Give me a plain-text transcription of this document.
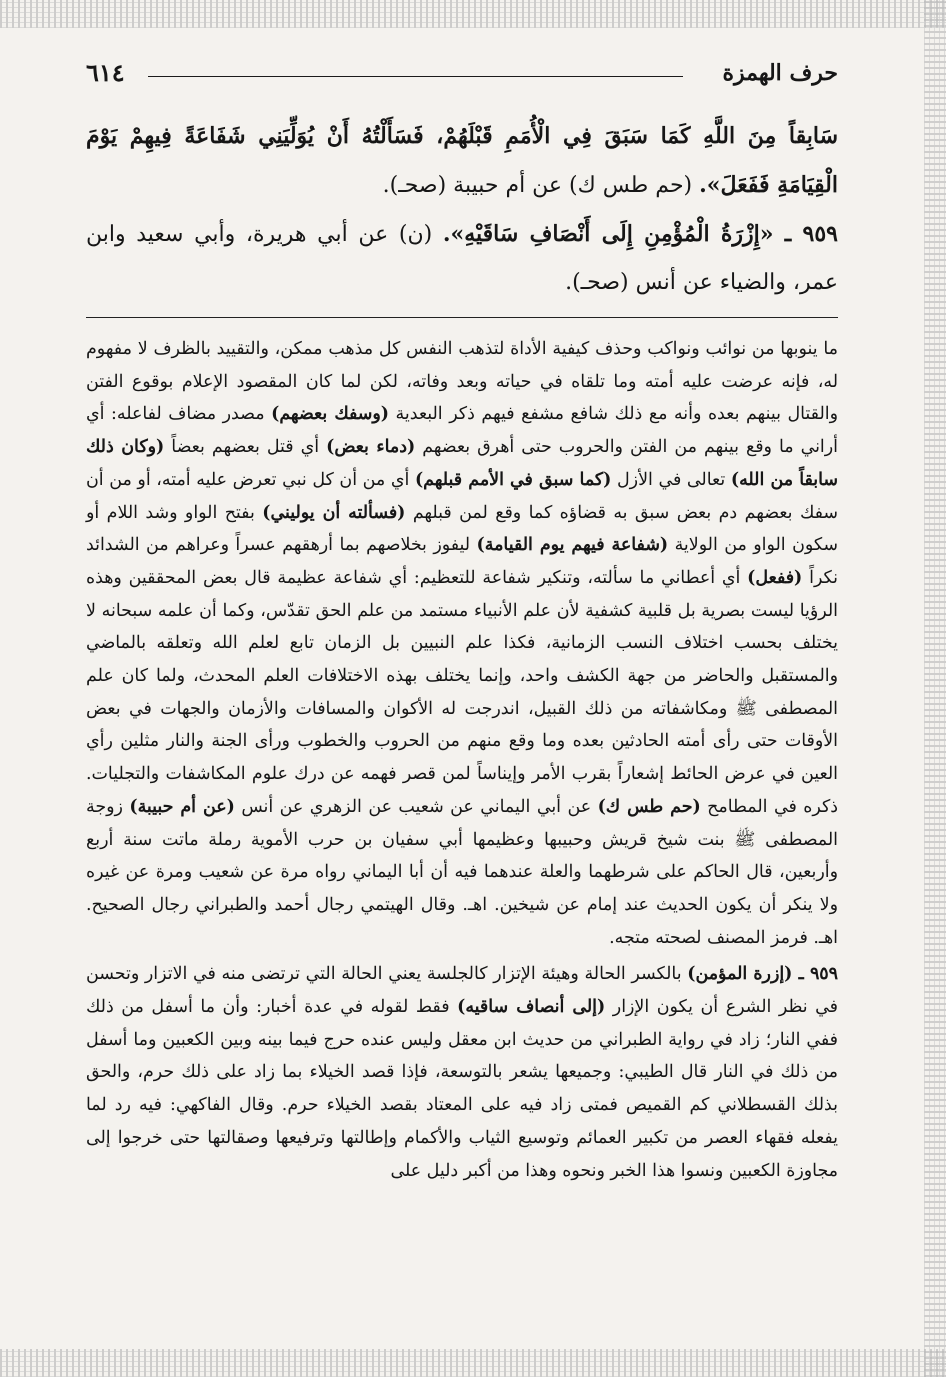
حرف الهمزة
٦١٤

سَابِقاً مِنَ اللَّهِ كَمَا سَبَقَ فِي الْأُمَمِ قَبْلَهُمْ، فَسَأَلْتُهُ أَنْ يُوَلِّيَنِي شَفَاعَةً فِيهِمْ يَوْمَ الْقِيَامَةِ فَفَعَلَ». (حم طس ك) عن أم حبيبة (صحـ).

٩٥٩ ـ «إِزْرَةُ الْمُؤْمِنِ إِلَى أَنْصَافِ سَاقَيْهِ». (ن) عن أبي هريرة، وأبي سعيد وابن عمر، والضياء عن أنس (صحـ).

ما ينوبها من نوائب ونواكب وحذف كيفية الأداة لتذهب النفس كل مذهب ممكن، والتقييد بالظرف لا مفهوم له، فإنه عرضت عليه أمته وما تلقاه في حياته وبعد وفاته، لكن لما كان المقصود الإعلام بوقوع الفتن والقتال بينهم بعده وأنه مع ذلك شافع مشفع فيهم ذكر البعدية (وسفك بعضهم) مصدر مضاف لفاعله: أي أراني ما وقع بينهم من الفتن والحروب حتى أهرق بعضهم (دماء بعض) أي قتل بعضهم بعضاً (وكان ذلك سابقاً من الله) تعالى في الأزل (كما سبق في الأمم قبلهم) أي من أن كل نبي تعرض عليه أمته، أو من أن سفك بعضهم دم بعض سبق به قضاؤه كما وقع لمن قبلهم (فسألته أن يوليني) بفتح الواو وشد اللام أو سكون الواو من الولاية (شفاعة فيهم يوم القيامة) ليفوز بخلاصهم بما أرهقهم عسراً وعراهم من الشدائد نكراً (ففعل) أي أعطاني ما سألته، وتنكير شفاعة للتعظيم: أي شفاعة عظيمة قال بعض المحققين وهذه الرؤيا ليست بصرية بل قلبية كشفية لأن علم الأنبياء مستمد من علم الحق تقدّس، وكما أن علمه سبحانه لا يختلف بحسب اختلاف النسب الزمانية، فكذا علم النبيين بل الزمان تابع لعلم الله وتعلقه بالماضي والمستقبل والحاضر من جهة الكشف واحد، وإنما يختلف بهذه الاختلافات العلم المحدث، ولما كان علم المصطفى ﷺ ومكاشفاته من ذلك القبيل، اندرجت له الأكوان والمسافات والأزمان والجهات في بعض الأوقات حتى رأى أمته الحادثين بعده وما وقع منهم من الحروب والخطوب ورأى الجنة والنار مثلين رأي العين في عرض الحائط إشعاراً بقرب الأمر وإيناساً لمن قصر فهمه عن درك علوم المكاشفات والتجليات. ذكره في المطامح (حم طس ك) عن أبي اليماني عن شعيب عن الزهري عن أنس (عن أم حبيبة) زوجة المصطفى ﷺ بنت شيخ قريش وحبيبها وعظيمها أبي سفيان بن حرب الأموية رملة ماتت سنة أربع وأربعين، قال الحاكم على شرطهما والعلة عندهما فيه أن أبا اليماني رواه مرة عن شعيب ومرة عن غيره ولا ينكر أن يكون الحديث عند إمام عن شيخين. اهـ. وقال الهيتمي رجال أحمد والطبراني رجال الصحيح. اهـ. فرمز المصنف لصحته متجه.

٩٥٩ ـ (إزرة المؤمن) بالكسر الحالة وهيئة الإتزار كالجلسة يعني الحالة التي ترتضى منه في الاتزار وتحسن في نظر الشرع أن يكون الإزار (إلى أنصاف ساقيه) فقط لقوله في عدة أخبار: وأن ما أسفل من ذلك ففي النار؛ زاد في رواية الطبراني من حديث ابن معقل وليس عنده حرج فيما بينه وبين الكعبين وما أسفل من ذلك في النار قال الطيبي: وجميعها يشعر بالتوسعة، فإذا قصد الخيلاء بما زاد على ذلك حرم، والحق بذلك القسطلاني كم القميص فمتى زاد فيه على المعتاد بقصد الخيلاء حرم. وقال الفاكهي: فيه رد لما يفعله فقهاء العصر من تكبير العمائم وتوسيع الثياب والأكمام وإطالتها وترفيعها وصقالتها حتى خرجوا إلى مجاوزة الكعبين ونسوا هذا الخبر ونحوه وهذا من أكبر دليل على
